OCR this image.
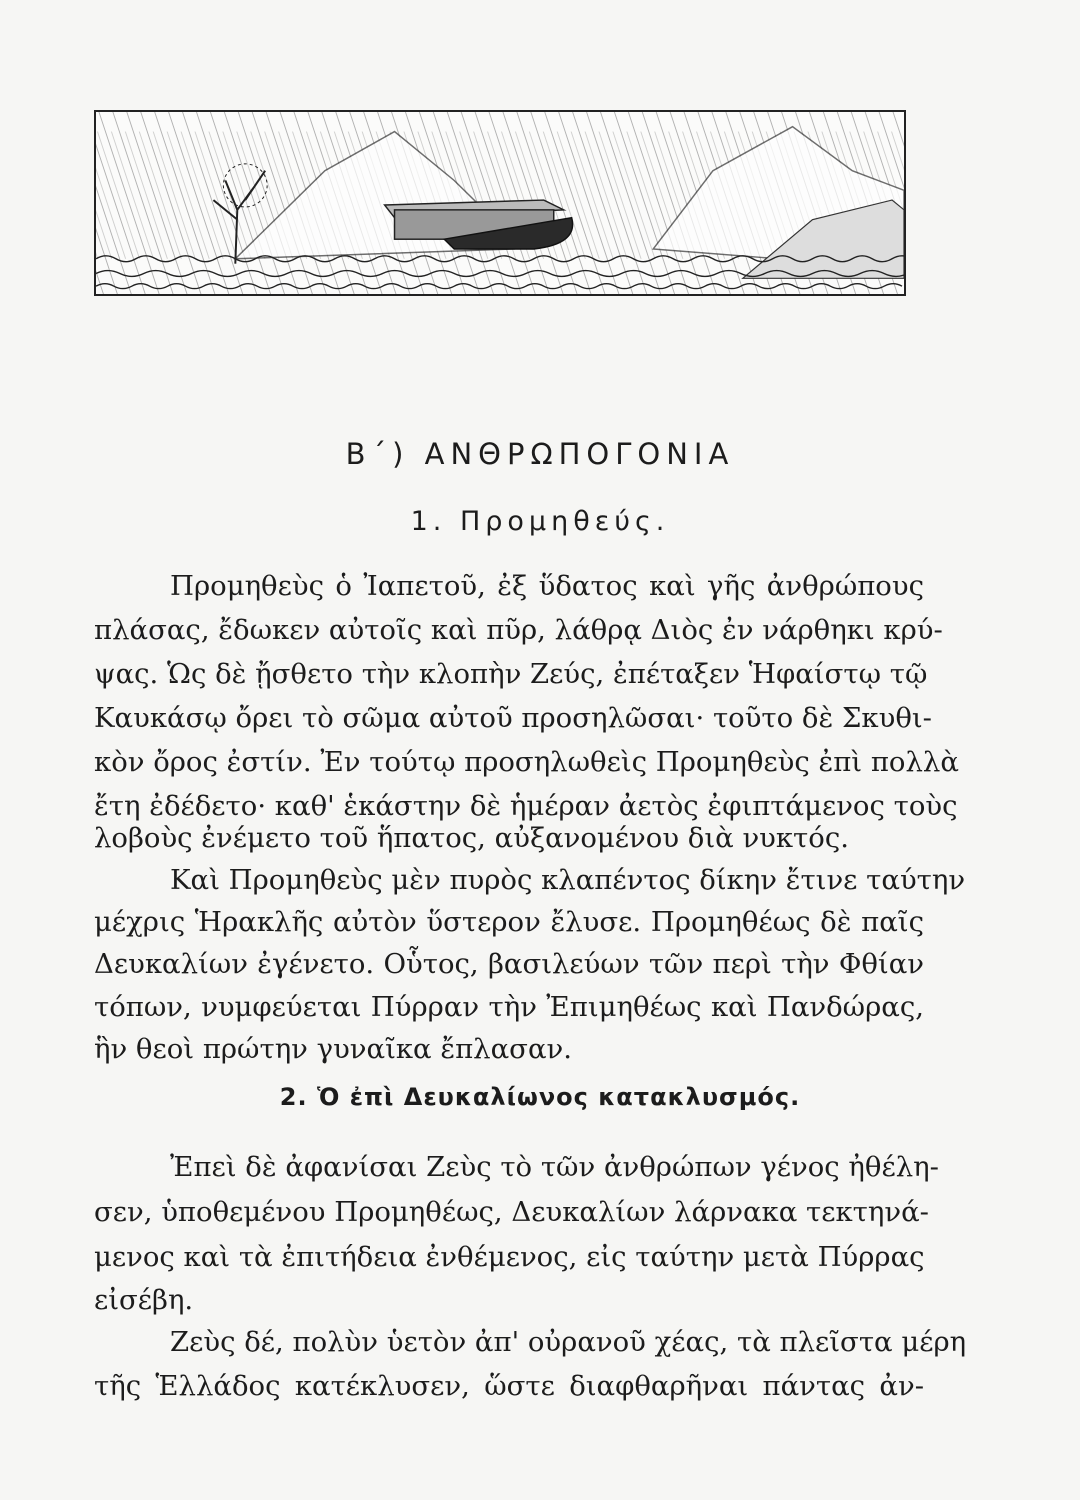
Β΄) ΑΝΘΡΩΠΟΓΟΝΙΑ
1. Προμηθεύς.
Προμηθεὺς ὁ Ἰαπετοῦ, ἐξ ὕδατος καὶ γῆς ἀνθρώπους
πλάσας, ἔδωκεν αὐτοῖς καὶ πῦρ, λάθρᾳ Διὸς ἐν νάρθηκι κρύ-
ψας. Ὡς δὲ ᾔσθετο τὴν κλοπὴν Ζεύς, ἐπέταξεν Ἡφαίστῳ τῷ
Καυκάσῳ ὄρει τὸ σῶμα αὐτοῦ προσηλῶσαι· τοῦτο δὲ Σκυθι-
κὸν ὄρος ἐστίν. Ἐν τούτῳ προσηλωθεὶς Προμηθεὺς ἐπὶ πολλὰ
ἔτη ἐδέδετο· καθ' ἑκάστην δὲ ἡμέραν ἀετὸς ἐφιπτάμενος τοὺς
λοβοὺς ἐνέμετο τοῦ ἥπατος, αὐξανομένου διὰ νυκτός.
Καὶ Προμηθεὺς μὲν πυρὸς κλαπέντος δίκην ἔτινε ταύτην
μέχρις Ἡρακλῆς αὐτὸν ὕστερον ἔλυσε. Προμηθέως δὲ παῖς
Δευκαλίων ἐγένετο. Οὗτος, βασιλεύων τῶν περὶ τὴν Φθίαν
τόπων, νυμφεύεται Πύρραν τὴν Ἐπιμηθέως καὶ Πανδώρας,
ἣν θεοὶ πρώτην γυναῖκα ἔπλασαν.
2. Ὁ ἐπὶ Δευκαλίωνος κατακλυσμός.
Ἐπεὶ δὲ ἀφανίσαι Ζεὺς τὸ τῶν ἀνθρώπων γένος ἠθέλη-
σεν, ὑποθεμένου Προμηθέως, Δευκαλίων λάρνακα τεκτηνά-
μενος καὶ τὰ ἐπιτήδεια ἐνθέμενος, εἰς ταύτην μετὰ Πύρρας
εἰσέβη.
Ζεὺς δέ, πολὺν ὑετὸν ἀπ' οὐρανοῦ χέας, τὰ πλεῖστα μέρη
τῆς Ἑλλάδος κατέκλυσεν, ὥστε διαφθαρῆναι πάντας ἀν-
